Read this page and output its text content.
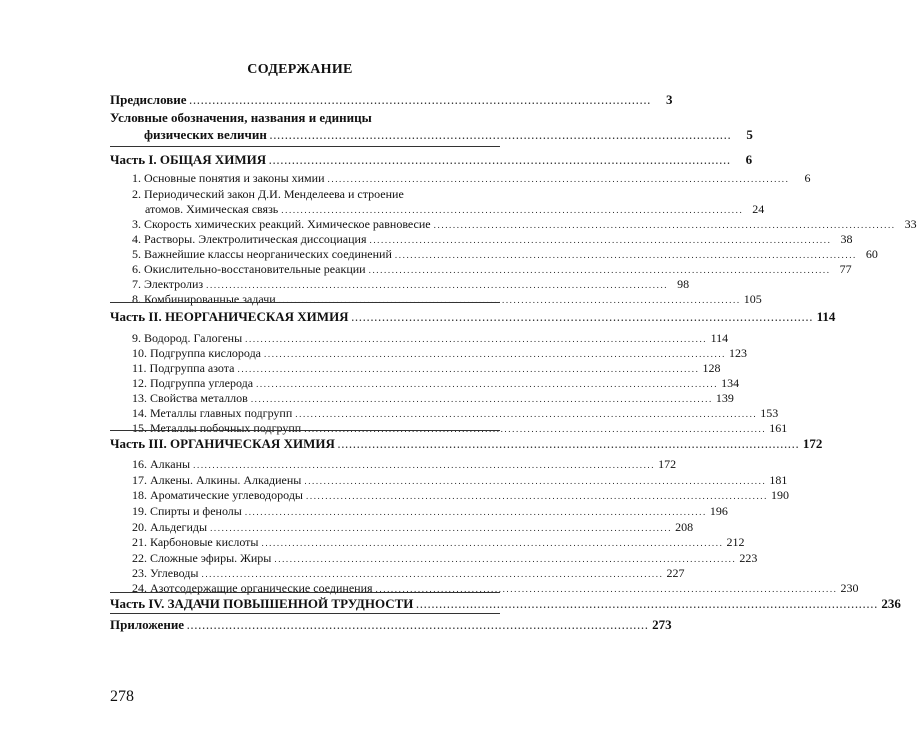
СОДЕРЖАНИЕ
Предисловие ........................................................................................................................	3
Условные обозначения, названия и единицы
физических величин ........................................................................................................................	5
Часть I. ОБЩАЯ ХИМИЯ ........................................................................................................................	6
1. Основные понятия и законы химии ........................................................................................................................	6
2. Периодический закон Д.И. Менделеева и строение
атомов. Химическая связь ........................................................................................................................ 24
3. Скорость химических реакций. Химическое равновесие ........................................................................................................................ 33
4. Растворы. Электролитическая диссоциация ........................................................................................................................ 38
5. Важнейшие классы неорганических соединений ........................................................................................................................ 60
6. Окислительно-восстановительные реакции ........................................................................................................................ 77
7. Электролиз ........................................................................................................................ 98
8. Комбинированные задачи ........................................................................................................................ 105
Часть II. НЕОРГАНИЧЕСКАЯ ХИМИЯ ........................................................................................................................ 114
9. Водород. Галогены ........................................................................................................................ 114
10. Подгруппа кислорода ........................................................................................................................ 123
11. Подгруппа азота ........................................................................................................................ 128
12. Подгруппа углерода ........................................................................................................................ 134
13. Свойства металлов ........................................................................................................................ 139
14. Металлы главных подгрупп ........................................................................................................................ 153
15. Металлы побочных подгрупп ........................................................................................................................ 161
Часть III. ОРГАНИЧЕСКАЯ ХИМИЯ ........................................................................................................................ 172
16. Алканы ........................................................................................................................ 172
17. Алкены. Алкины. Алкадиены ........................................................................................................................ 181
18. Ароматические углеводороды ........................................................................................................................ 190
19. Спирты и фенолы ........................................................................................................................ 196
20. Альдегиды ........................................................................................................................ 208
21. Карбоновые кислоты ........................................................................................................................ 212
22. Сложные эфиры. Жиры ........................................................................................................................ 223
23. Углеводы ........................................................................................................................ 227
24. Азотсодержащие органические соединения ........................................................................................................................ 230
Часть IV. ЗАДАЧИ ПОВЫШЕННОЙ ТРУДНОСТИ ........................................................................................................................ 236
Приложение ........................................................................................................................ 273
278
